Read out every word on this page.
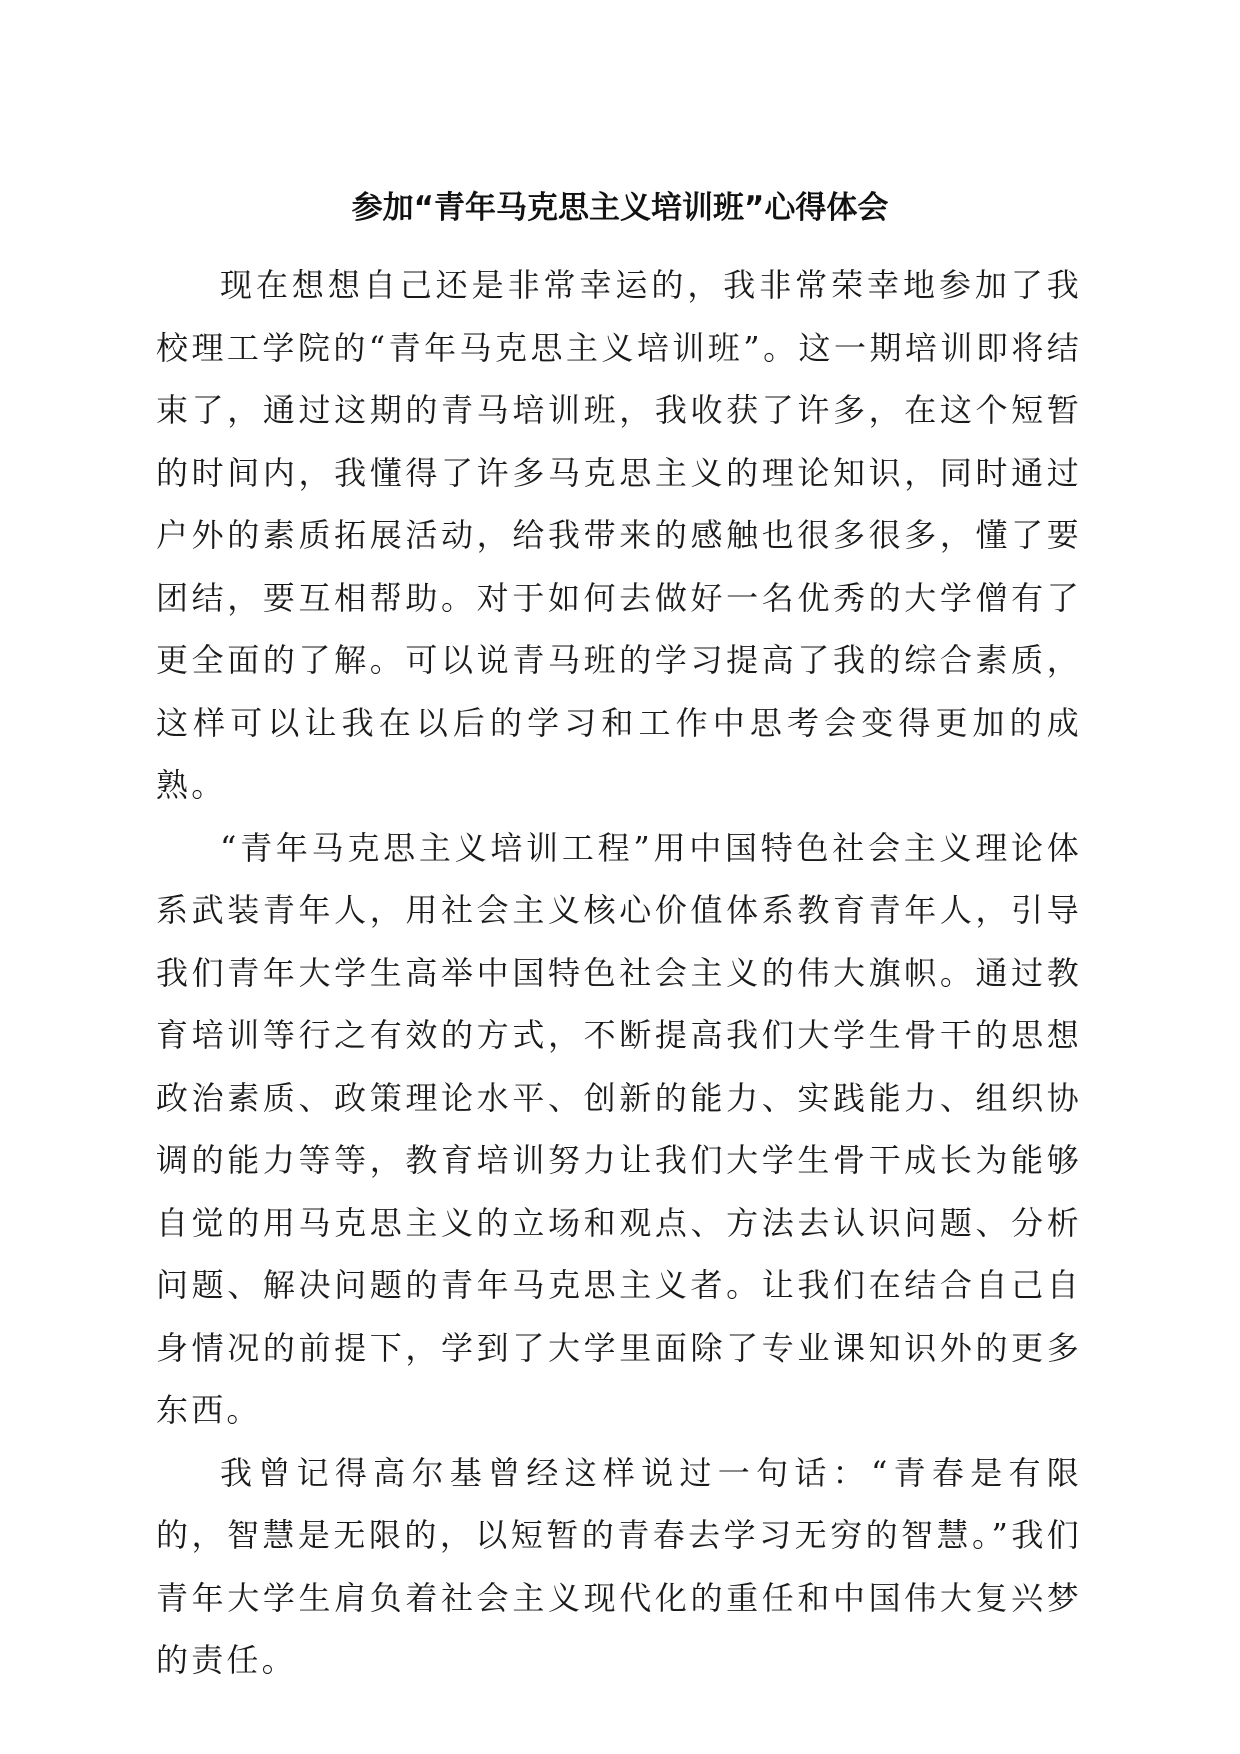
参加“青年马克思主义培训班”心得体会

现在想想自己还是非常幸运的，我非常荣幸地参加了我校理工学院的“青年马克思主义培训班”。这一期培训即将结束了，通过这期的青马培训班，我收获了许多，在这个短暂的时间内，我懂得了许多马克思主义的理论知识，同时通过户外的素质拓展活动，给我带来的感触也很多很多，懂了要团结，要互相帮助。对于如何去做好一名优秀的大学僧有了更全面的了解。可以说青马班的学习提高了我的综合素质，这样可以让我在以后的学习和工作中思考会变得更加的成熟。

“青年马克思主义培训工程”用中国特色社会主义理论体系武装青年人，用社会主义核心价值体系教育青年人，引导我们青年大学生高举中国特色社会主义的伟大旗帜。通过教育培训等行之有效的方式，不断提高我们大学生骨干的思想政治素质、政策理论水平、创新的能力、实践能力、组织协调的能力等等，教育培训努力让我们大学生骨干成长为能够自觉的用马克思主义的立场和观点、方法去认识问题、分析问题、解决问题的青年马克思主义者。让我们在结合自己自身情况的前提下，学到了大学里面除了专业课知识外的更多东西。

我曾记得高尔基曾经这样说过一句话：“青春是有限的，智慧是无限的，以短暂的青春去学习无穷的智慧。”我们青年大学生肩负着社会主义现代化的重任和中国伟大复兴梦的责任。
